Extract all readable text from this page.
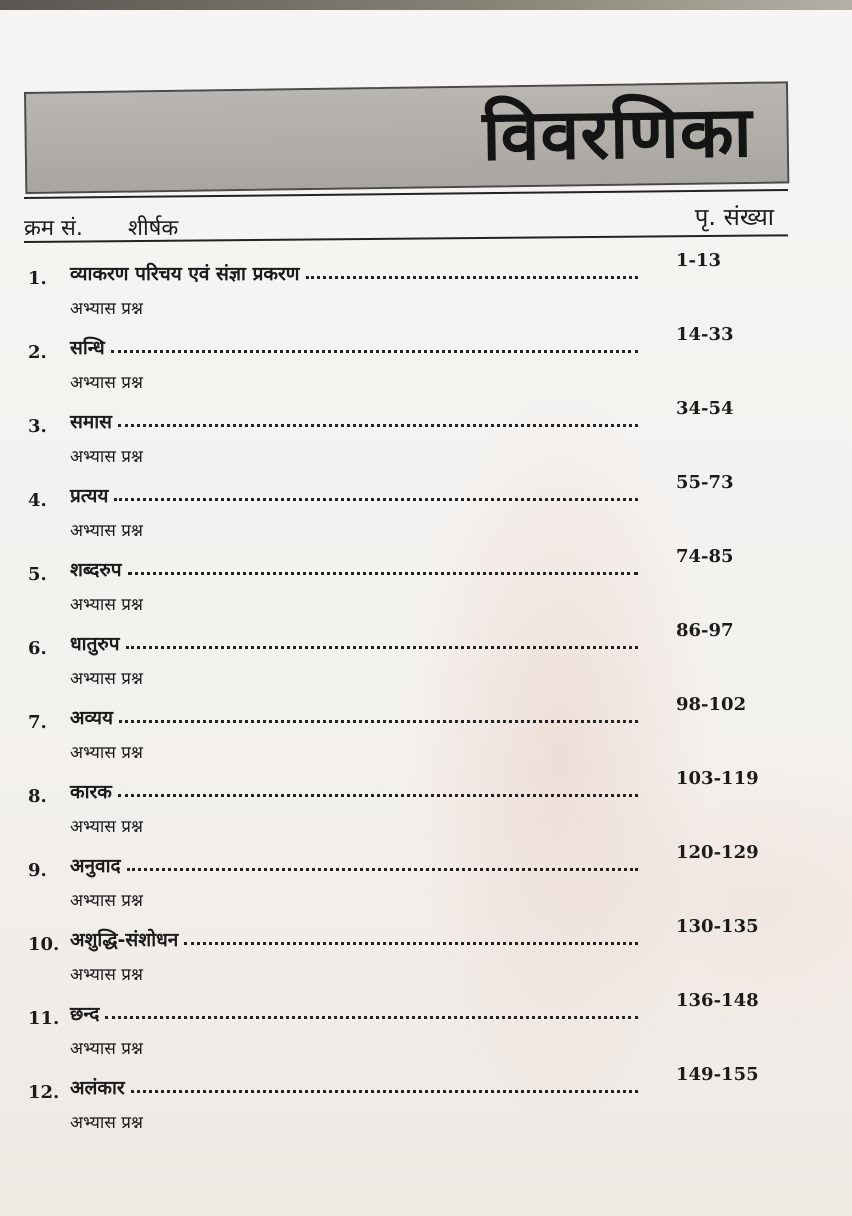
विवरणिका
क्रम सं. शीर्षक	पृ. संख्या
1. व्याकरण परिचय एवं संज्ञा प्रकरण
1-13
अभ्यास प्रश्न
2. सन्धि
14-33
अभ्यास प्रश्न
3. समास
34-54
अभ्यास प्रश्न
4. प्रत्यय
55-73
अभ्यास प्रश्न
5. शब्दरुप
74-85
अभ्यास प्रश्न
6. धातुरुप
86-97
अभ्यास प्रश्न
7. अव्यय
98-102
अभ्यास प्रश्न
8. कारक
103-119
अभ्यास प्रश्न
9. अनुवाद
120-129
अभ्यास प्रश्न
10. अशुद्धि-संशोधन
130-135
अभ्यास प्रश्न
11. छन्द
136-148
अभ्यास प्रश्न
12. अलंकार
149-155
अभ्यास प्रश्न
